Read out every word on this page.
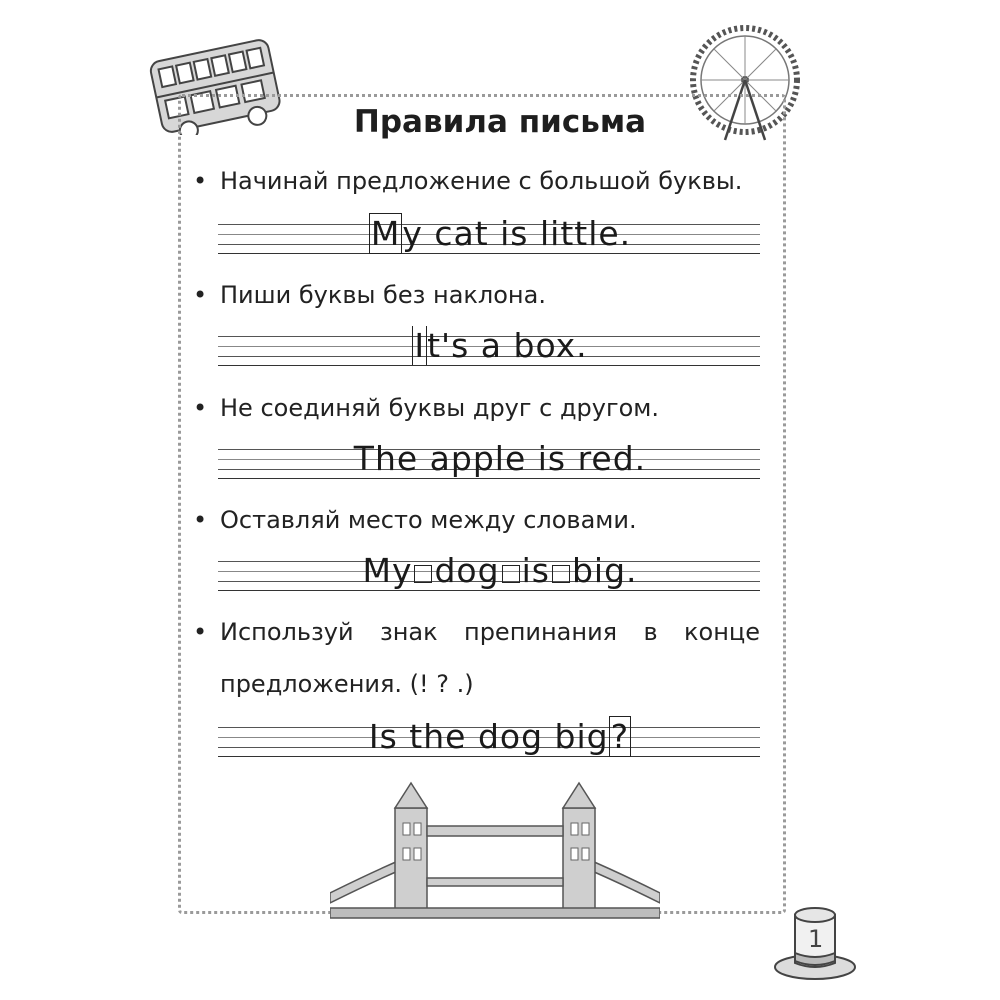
Правила письма
• Начинай предложение с большой буквы.
My cat is little.
• Пиши буквы без наклона.
It's a box.
• Не соединяй буквы друг с другом.
The apple is red.
• Оставляй место между словами.
My dog is big.
• Используй знак препинания в конце
предложения. (! ? .)
Is the dog big?
1
